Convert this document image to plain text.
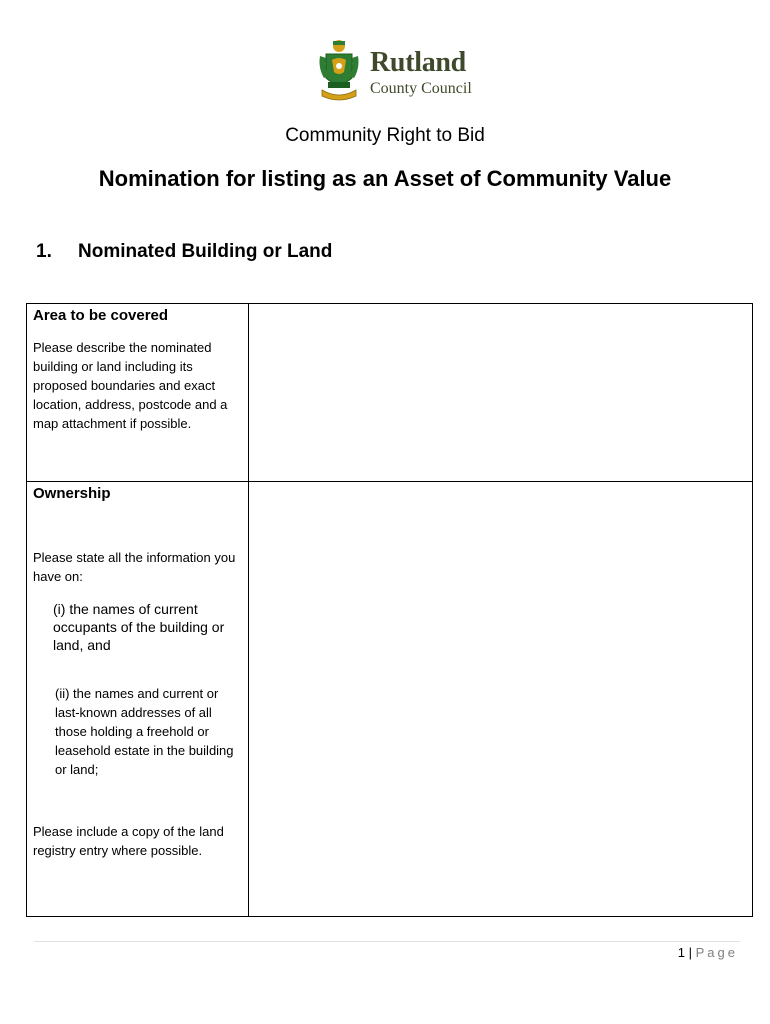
Rutland
County Council
Community Right to Bid
Nomination for listing as an Asset of Community Value
1. Nominated Building or Land
Area to be covered
Please describe the nominated building or land including its proposed boundaries and exact location, address, postcode and a map attachment if possible.
Ownership
Please state all the information you have on:
(i) the names of current occupants of the building or land, and
(ii) the names and current or last-known addresses of all those holding a freehold or leasehold estate in the building or land;
Please include a copy of the land registry entry where possible.
1 | Page
